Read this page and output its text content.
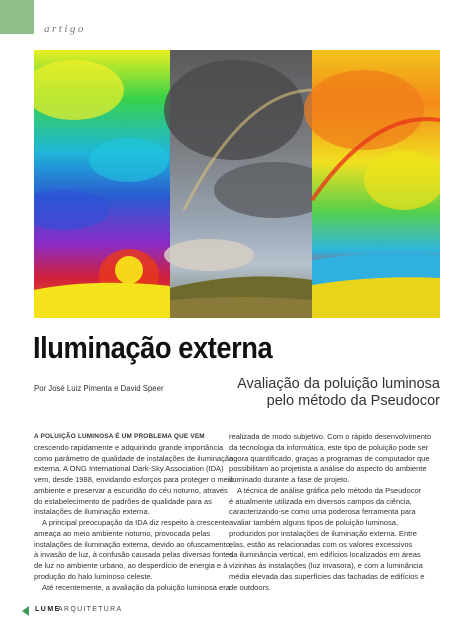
artigo
Iluminação externa
Por José Luiz Pimenta e David Speer	Avaliação da poluição luminosa
pelo método da Pseudocor

A POLUIÇÃO LUMINOSA É UM PROBLEMA QUE VEM
crescendo rapidamente e adquirindo grande importância
como parâmetro de qualidade de instalações de iluminação
externa. A ONG International Dark-Sky Association (IDA)
vem, desde 1988, envidando esforços para proteger o meio
ambiente e preservar a escuridão do céu noturno, através
do estabelecimento de padrões de qualidade para as
instalações de iluminação externa.

A principal preocupação da IDA diz respeito à crescente
ameaça ao meio ambiente noturno, provocada pelas
instalações de iluminação externa, devido ao ofuscamento,
à invasão de luz, à confusão causada pelas diversas fontes
de luz no ambiente urbano, ao desperdício de energia e à
produção do halo luminoso celeste.

Até recentemente, a avaliação da poluição luminosa era

realizada de modo subjetivo. Com o rápido desenvolvimento
da tecnologia da informática, este tipo de poluição pode ser
agora quantificado, graças a programas de computador que
possibilitam ao projetista a análise do aspecto do ambiente
iluminado durante a fase de projeto.

A técnica de análise gráfica pelo método da Pseudocor
é atualmente utilizada em diversos campos da ciência,
caracterizando-se como uma poderosa ferramenta para
avaliar também alguns tipos de poluição luminosa,
produzidos por instalações de iluminação externa. Entre
elas, estão as relacionadas com os valores excessivos
da iluminância vertical, em edifícios localizados em áreas
vizinhas às instalações (luz invasora), e com a luminância
média elevada das superfícies das fachadas de edifícios e
de outdoors.

LUME
ARQUITETURA
